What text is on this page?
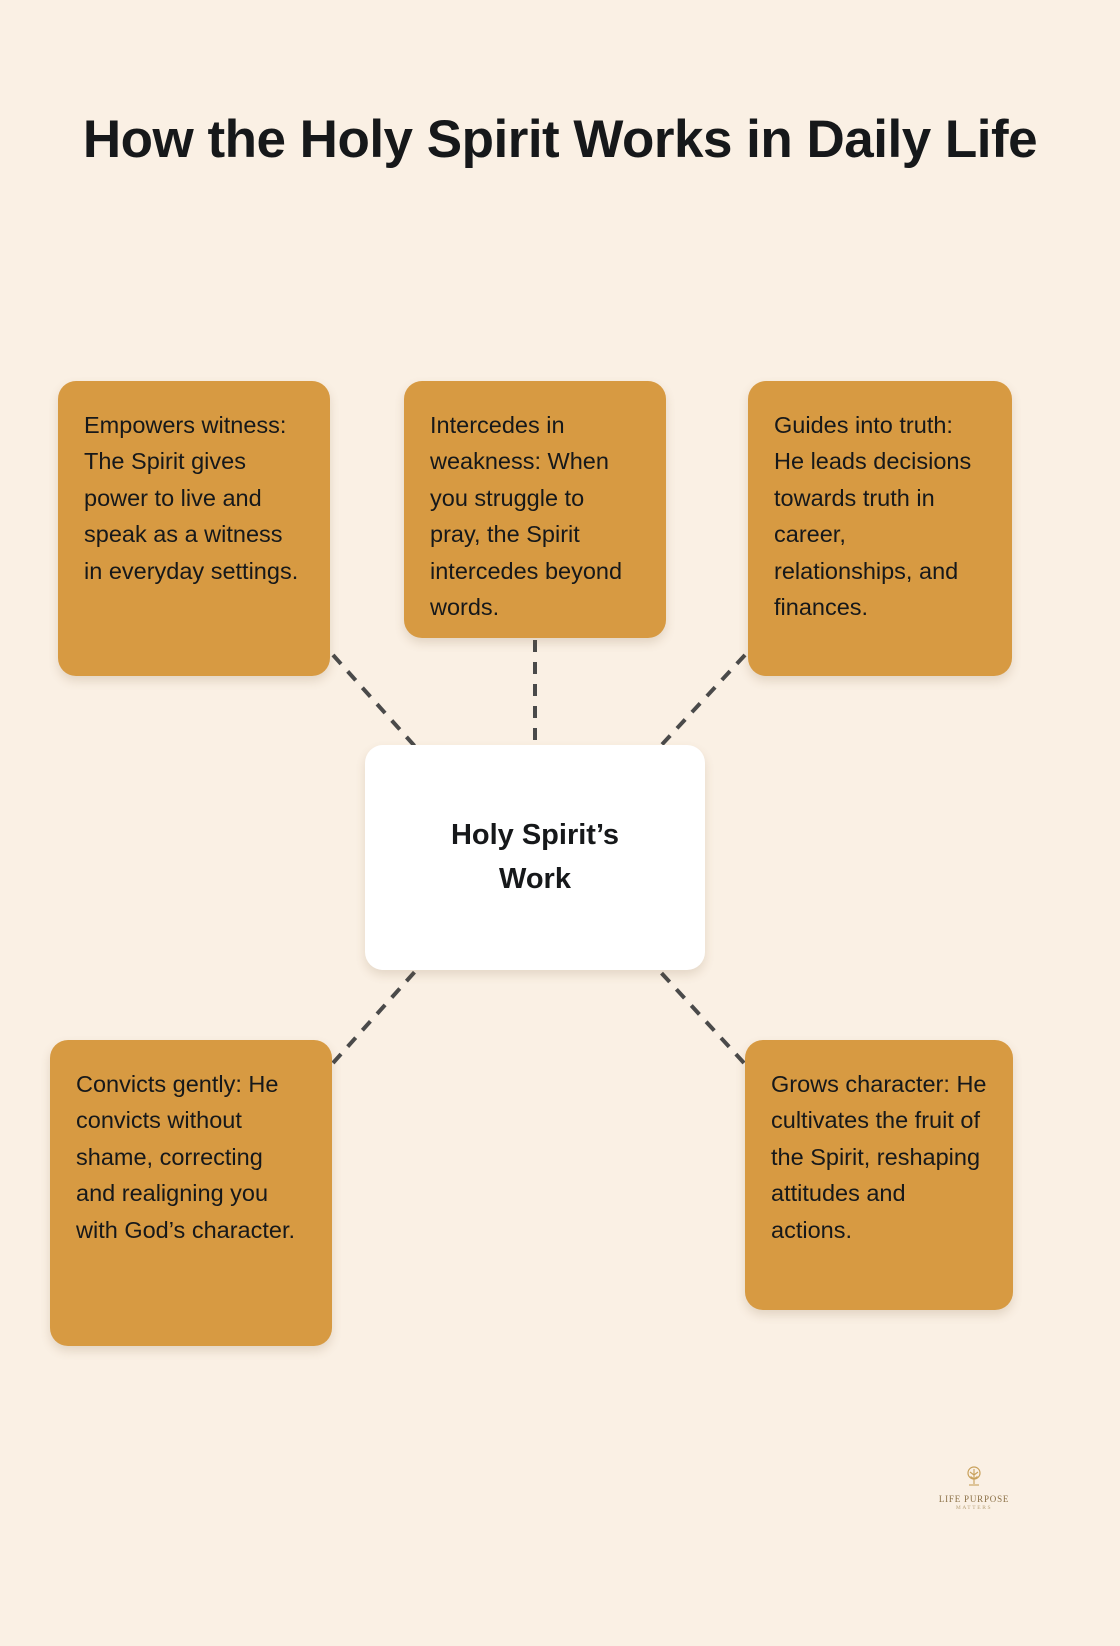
How the Holy Spirit Works in Daily Life
Empowers witness: The Spirit gives power to live and speak as a witness in everyday settings.
Intercedes in weakness: When you struggle to pray, the Spirit intercedes beyond words.
Guides into truth: He leads decisions towards truth in career, relationships, and finances.
Convicts gently: He convicts without shame, correcting and realigning you with God’s character.
Grows character: He cultivates the fruit of the Spirit, reshaping attitudes and actions.
Holy Spirit’s Work
LIFE PURPOSE
MATTERS
